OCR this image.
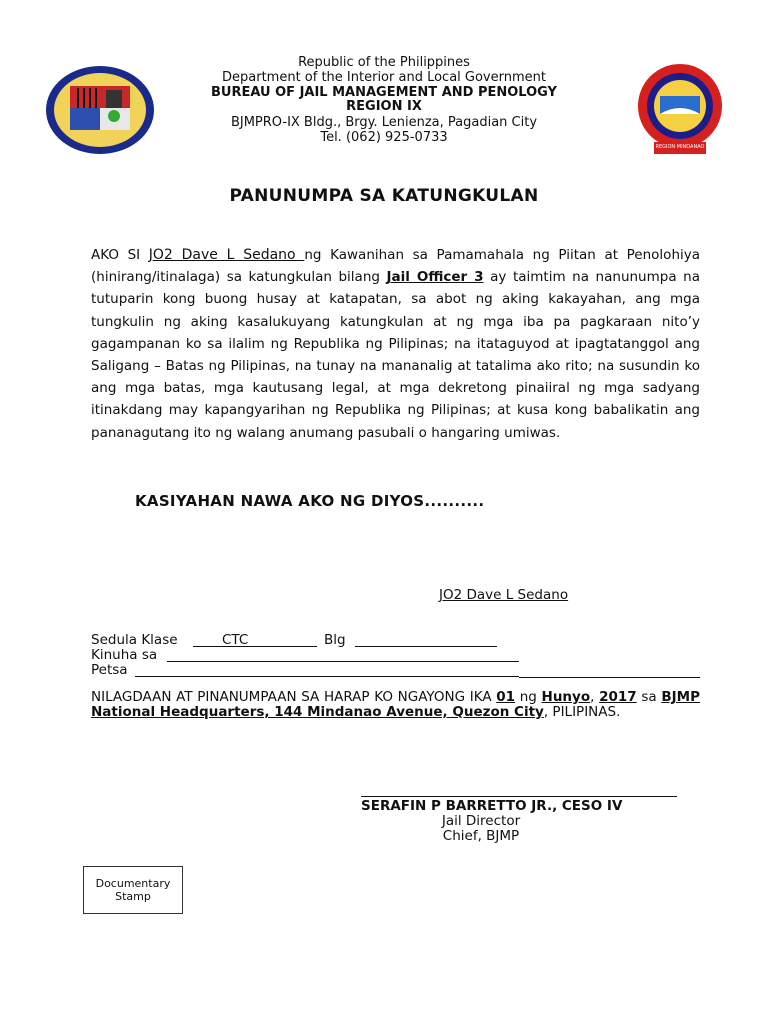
REGION MINDANAO
Republic of the Philippines
Department of the Interior and Local Government
BUREAU OF JAIL MANAGEMENT AND PENOLOGY
REGION IX
BJMPRO-IX Bldg., Brgy. Lenienza, Pagadian City
Tel. (062) 925-0733
PANUNUMPA SA KATUNGKULAN
AKO SI JO2 Dave L Sedano ng Kawanihan sa Pamamahala ng Piitan at Penolohiya (hinirang/itinalaga) sa katungkulan bilang Jail Officer 3 ay taimtim na nanunumpa na tutuparin kong buong husay at katapatan, sa abot ng aking kakayahan, ang mga tungkulin ng aking kasalukuyang katungkulan at ng mga iba pa pagkaraan nito’y gagampanan ko sa ilalim ng Republika ng Pilipinas; na itataguyod at ipagtatanggol ang Saligang – Batas ng Pilipinas, na tunay na mananalig at tatalima ako rito; na susundin ko ang mga batas, mga kautusang legal, at mga dekretong pinaiiral ng mga sadyang itinakdang may kapangyarihan ng Republika ng Pilipinas; at kusa kong babalikatin ang pananagutang ito ng walang anumang pasubali o hangaring umiwas.
KASIYAHAN NAWA AKO NG DIYOS..........
JO2 Dave L Sedano
Sedula Klase	CTC	Blg
Kinuha sa
Petsa
NILAGDAAN AT PINANUMPAAN SA HARAP KO NGAYONG IKA 01 ng Hunyo, 2017 sa BJMP National Headquarters, 144 Mindanao Avenue, Quezon City, PILIPINAS.
SERAFIN P BARRETTO JR., CESO IV
Jail Director
Chief, BJMP
Documentary
Stamp
